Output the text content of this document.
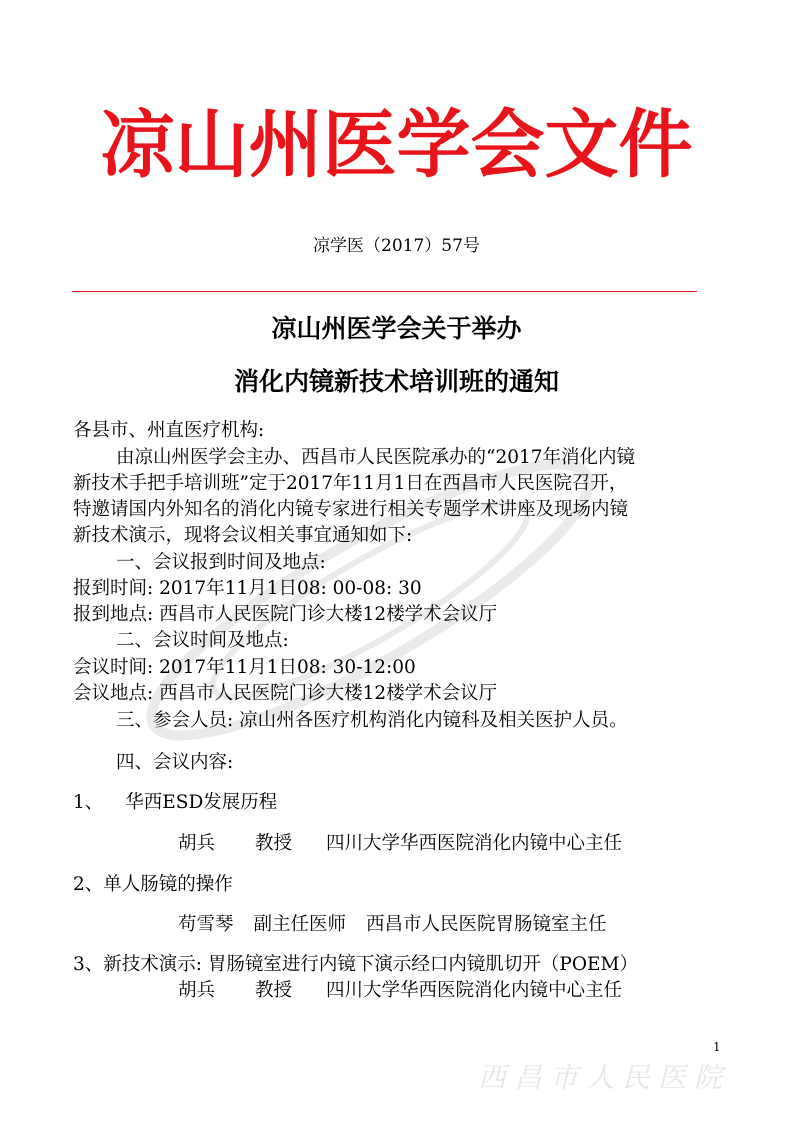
凉山州医学会文件
凉学医（2017）57号
凉山州医学会关于举办
消化内镜新技术培训班的通知
各县市、州直医疗机构:
由凉山州医学会主办、西昌市人民医院承办的“2017年消化内镜
新技术手把手培训班”定于2017年11月1日在西昌市人民医院召开，
特邀请国内外知名的消化内镜专家进行相关专题学术讲座及现场内镜
新技术演示，现将会议相关事宜通知如下:
一、会议报到时间及地点:
报到时间: 2017年11月1日08: 00-08: 30
报到地点: 西昌市人民医院门诊大楼12楼学术会议厅
二、会议时间及地点:
会议时间: 2017年11月1日08: 30-12:00
会议地点: 西昌市人民医院门诊大楼12楼学术会议厅
三、参会人员: 凉山州各医疗机构消化内镜科及相关医护人员。
四、会议内容:
1、 华西ESD发展历程
胡兵 教授 四川大学华西医院消化内镜中心主任
2、单人肠镜的操作
苟雪琴 副主任医师 西昌市人民医院胃肠镜室主任
3、新技术演示: 胃肠镜室进行内镜下演示经口内镜肌切开（POEM）
胡兵 教授 四川大学华西医院消化内镜中心主任
1
西昌市人民医院
